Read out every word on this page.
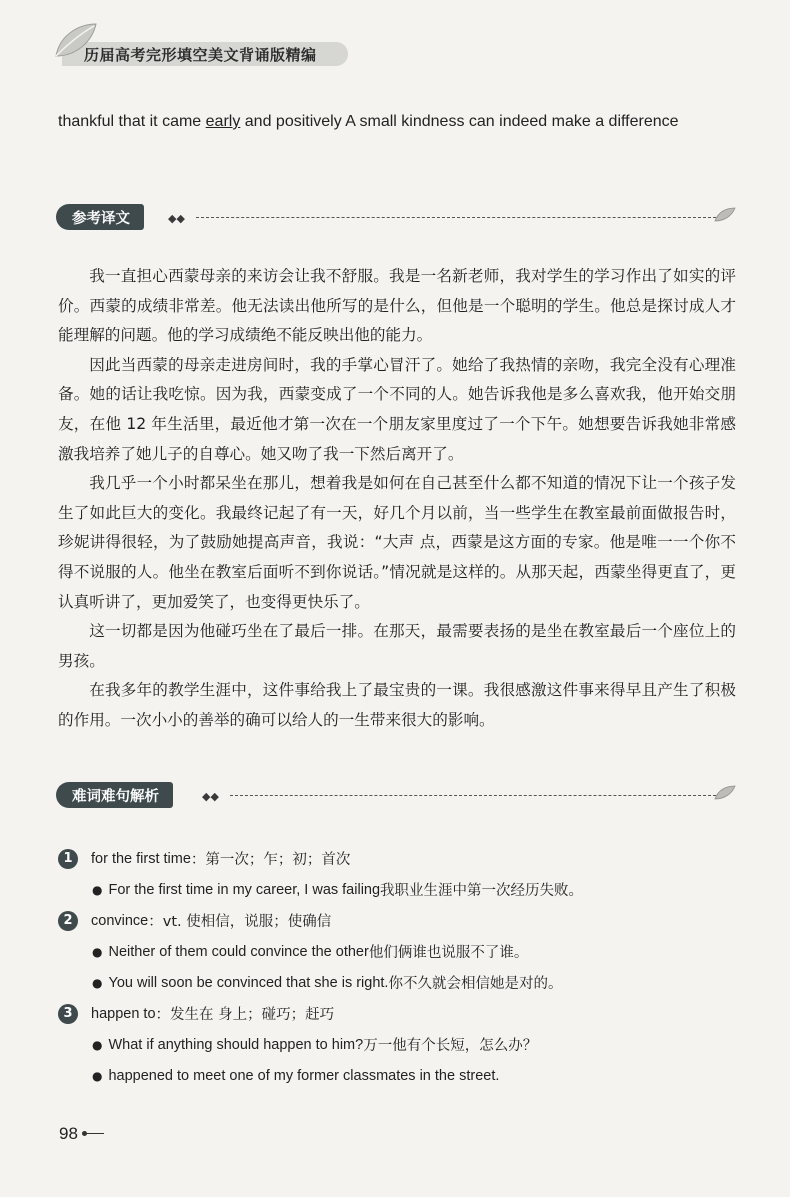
历届高考完形填空美文背诵版精编
thankful that it came early and positively A small kindness can indeed make a difference
参考译文	◆◆

我一直担心西蒙母亲的来访会让我不舒服。我是一名新老师，我对学生的学习作出了如实的评价。西蒙的成绩非常差。他无法读出他所写的是什么，但他是一个聪明的学生。他总是探讨成人才能理解的问题。他的学习成绩绝不能反映出他的能力。

因此当西蒙的母亲走进房间时，我的手掌心冒汗了。她给了我热情的亲吻，我完全没有心理准备。她的话让我吃惊。因为我，西蒙变成了一个不同的人。她告诉我他是多么喜欢我，他开始交朋友，在他 12 年生活里，最近他才第一次在一个朋友家里度过了一个下午。她想要告诉我她非常感激我培养了她儿子的自尊心。她又吻了我一下然后离开了。

我几乎一个小时都呆坐在那儿，想着我是如何在自己甚至什么都不知道的情况下让一个孩子发生了如此巨大的变化。我最终记起了有一天，好几个月以前，当一些学生在教室最前面做报告时，珍妮讲得很轻，为了鼓励她提高声音，我说：“大声 点，西蒙是这方面的专家。他是唯一一个你不得不说服的人。他坐在教室后面听不到你说话。”情况就是这样的。从那天起，西蒙坐得更直了，更认真听讲了，更加爱笑了，也变得更快乐了。

这一切都是因为他碰巧坐在了最后一排。在那天，最需要表扬的是坐在教室最后一个座位上的男孩。

在我多年的教学生涯中，这件事给我上了最宝贵的一课。我很感激这件事来得早且产生了积极的作用。一次小小的善举的确可以给人的一生带来很大的影响。

难词难句解析	◆◆
1	for the first time ：第一次；乍；初；首次
● For the first time in my career, I was failing 我职业生涯中第一次经历失败。
2	convince ：vt. 使相信，说服；使确信
● Neither of them could convince the other 他们俩谁也说服不了谁。
● You will soon be convinced that she is right. 你不久就会相信她是对的。
3	happen to ：发生在 身上；碰巧；赶巧
● What if anything should happen to him? 万一他有个长短，怎么办？
● happened to meet one of my former classmates in the street.
98
